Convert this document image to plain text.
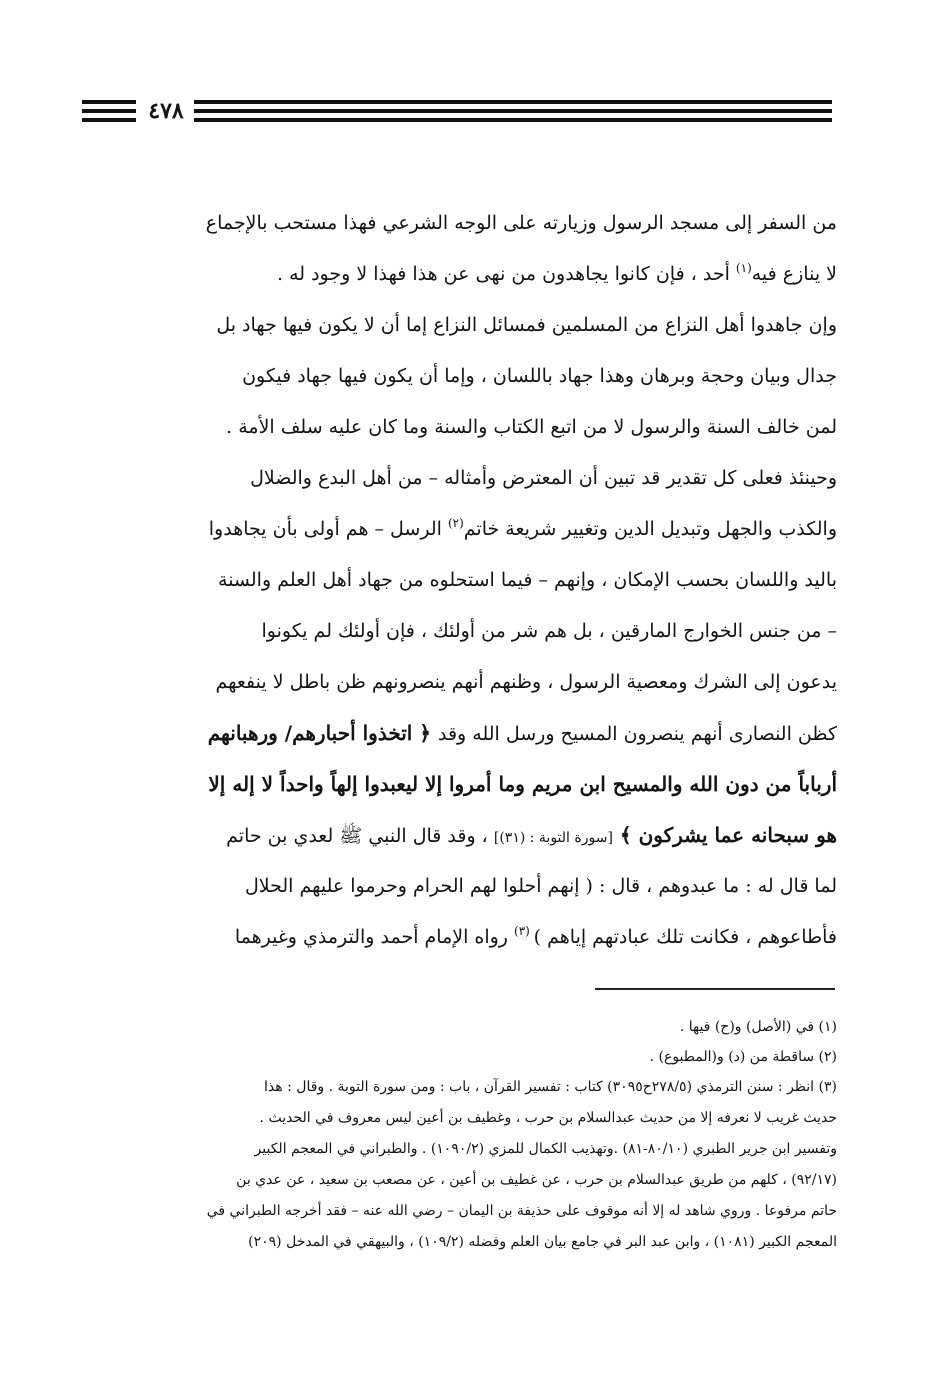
٤٧٨
من السفر إلى مسجد الرسول وزيارته على الوجه الشرعي فهذا مستحب بالإجماع
لا ينازع فيه$^{(١)}$ أحد ، فإن كانوا يجاهدون من نهى عن هذا فهذا لا وجود له .
وإن جاهدوا أهل النزاع من المسلمين فمسائل النزاع إما أن لا يكون فيها جهاد بل
جدال وبيان وحجة وبرهان وهذا جهاد باللسان ، وإما أن يكون فيها جهاد فيكون
لمن خالف السنة والرسول لا من اتبع الكتاب والسنة وما كان عليه سلف الأمة .
وحينئذ فعلى كل تقدير قد تبين أن المعترض وأمثاله – من أهل البدع والضلال
والكذب والجهل وتبديل الدين وتغيير شريعة خاتم$^{(٢)}$ الرسل – هم أولى بأن يجاهدوا
باليد واللسان بحسب الإمكان ، وإنهم – فيما استحلوه من جهاد أهل العلم والسنة
– من جنس الخوارج المارقين ، بل هم شر من أولئك ، فإن أولئك لم يكونوا
يدعون إلى الشرك ومعصية الرسول ، وظنهم أنهم ينصرونهم ظن باطل لا ينفعهم
كظن النصارى أنهم ينصرون المسيح ورسل الله وقد ﴿ اتخذوا أحبارهم/ ورهبانهم
أرباباً من دون الله والمسيح ابن مريم وما أمروا إلا ليعبدوا إلهاً واحداً لا إله إلا
هو سبحانه عما يشركون ﴾ [سورة التوبة : (٣١)] ، وقد قال النبي ﷺ لعدي بن حاتم
لما قال له : ما عبدوهم ، قال : ( إنهم أحلوا لهم الحرام وحرموا عليهم الحلال
فأطاعوهم ، فكانت تلك عبادتهم إياهم ) $^{(٣)}$ رواه الإمام أحمد والترمذي وغيرهما
(١) في (الأصل) و(ح) فيها .
(٢) ساقطة من (د) و(المطبوع) .
(٣) انظر : سنن الترمذي (٢٧٨/٥ح٣٠٩٥) كتاب : تفسير القرآن ، باب : ومن سورة التوبة . وقال : هذا
حديث غريب لا نعرفه إلا من حديث عبدالسلام بن حرب ، وغطيف بن أعين ليس معروف في الحديث .
وتفسير ابن جرير الطبري (٨٠/١٠-٨١) .وتهذيب الكمال للمزي (١٠٩٠/٢) . والطبراني في المعجم الكبير
(٩٢/١٧) ، كلهم من طريق عبدالسلام بن حرب ، عن غطيف بن أعين ، عن مصعب بن سعيد ، عن عدي بن
حاتم مرفوعا . وروي شاهد له إلا أنه موقوف على حذيفة بن اليمان – رضي الله عنه – فقد أخرجه الطبراني في
المعجم الكبير (١٠٨١) ، وابن عبد البر في جامع بيان العلم وفضله (١٠٩/٢) ، والبيهقي في المدخل (٢٠٩)
